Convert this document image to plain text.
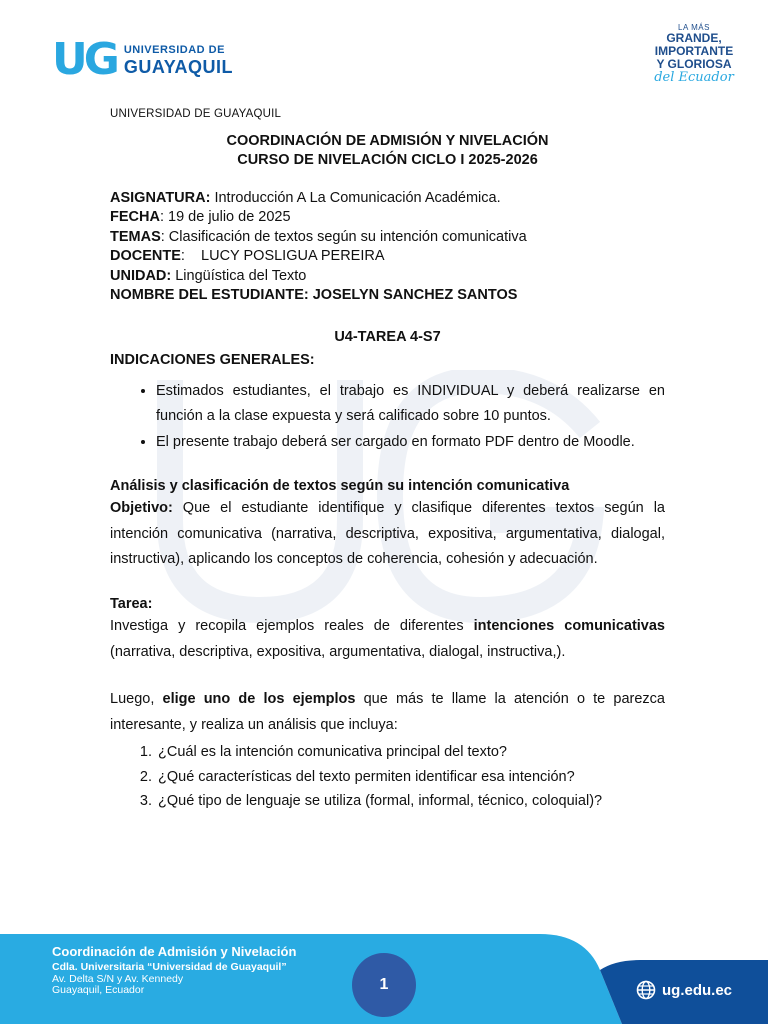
UG UNIVERSIDAD DE
GUAYAQUIL
LA MÁS
GRANDE,
IMPORTANTE
Y GLORIOSA
del Ecuador
UNIVERSIDAD DE GUAYAQUIL
COORDINACIÓN DE ADMISIÓN Y NIVELACIÓN
CURSO DE NIVELACIÓN CICLO I 2025-2026
ASIGNATURA: Introducción A La Comunicación Académica.
FECHA: 19 de julio de 2025
TEMAS: Clasificación de textos según su intención comunicativa
DOCENTE:    LUCY POSLIGUA PEREIRA
UNIDAD: Lingüística del Texto
NOMBRE DEL ESTUDIANTE: JOSELYN SANCHEZ SANTOS
U4-TAREA 4-S7
INDICACIONES GENERALES:
• Estimados estudiantes, el trabajo es INDIVIDUAL y deberá realizarse en función a la clase expuesta y será calificado sobre 10 puntos.
• El presente trabajo deberá ser cargado en formato PDF dentro de Moodle.
Análisis y clasificación de textos según su intención comunicativa

Objetivo: Que el estudiante identifique y clasifique diferentes textos según la intención comunicativa (narrativa, descriptiva, expositiva, argumentativa, dialogal, instructiva), aplicando los conceptos de coherencia, cohesión y adecuación.

Tarea:

Investiga y recopila ejemplos reales de diferentes intenciones comunicativas (narrativa, descriptiva, expositiva, argumentativa, dialogal, instructiva,).

Luego, elige uno de los ejemplos que más te llame la atención o te parezca interesante, y realiza un análisis que incluya:

1. ¿Cuál es la intención comunicativa principal del texto?
2. ¿Qué características del texto permiten identificar esa intención?
3. ¿Qué tipo de lenguaje se utiliza (formal, informal, técnico, coloquial)?
Coordinación de Admisión y Nivelación
Cdla. Universitaria “Universidad de Guayaquil”
Av. Delta S/N y Av. Kennedy
Guayaquil, Ecuador	1	ug.edu.ec
